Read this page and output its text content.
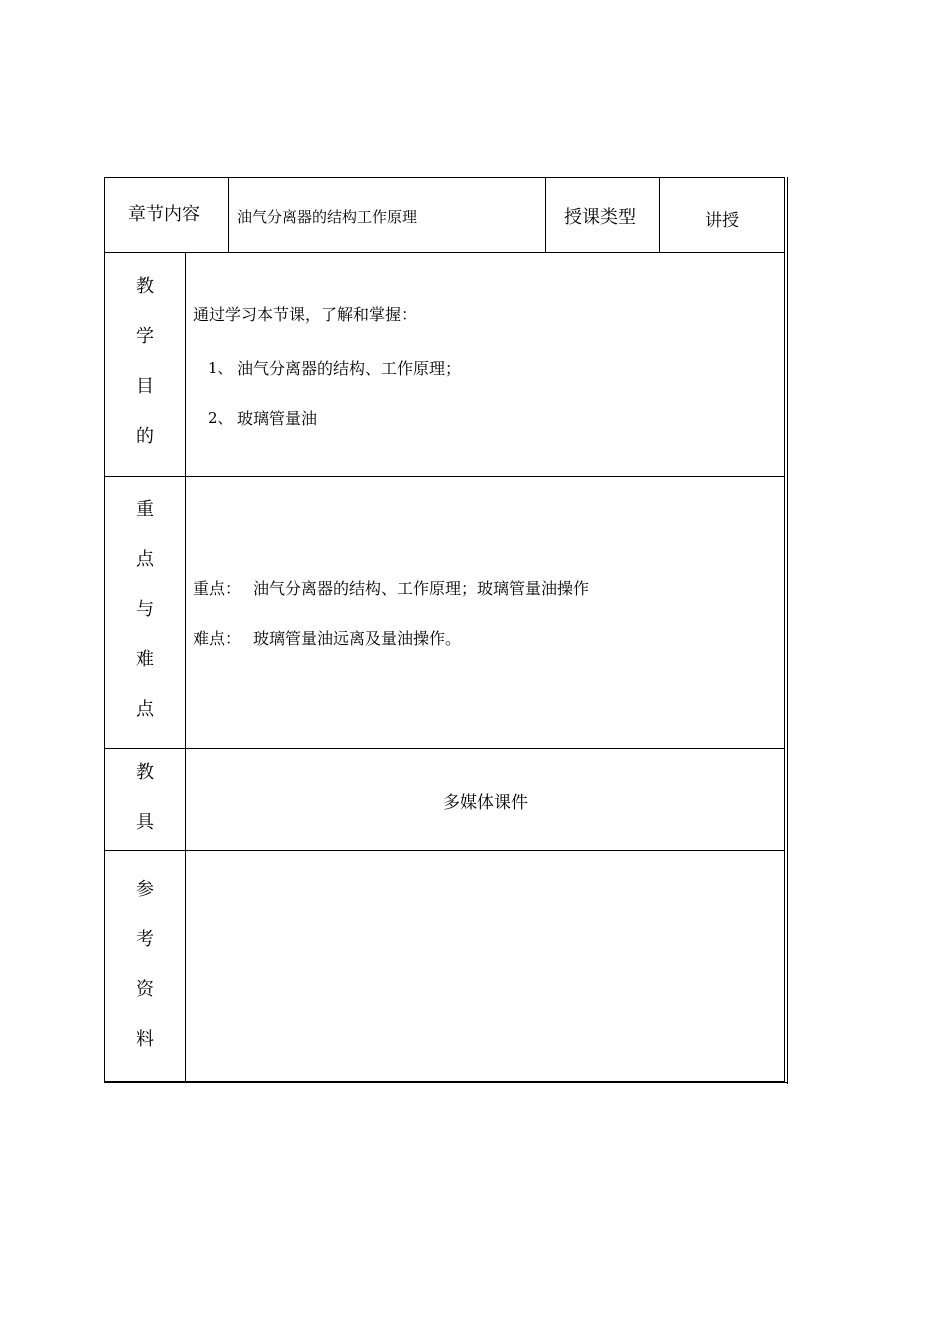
章节内容 油气分离器的结构工作原理	授课类型	讲授
教
学
目
的
通过学习本节课，了解和掌握：
1、 油气分离器的结构、工作原理；
2、 玻璃管量油
重
点
与
难
点
重点： 油气分离器的结构、工作原理；玻璃管量油操作
难点： 玻璃管量油远离及量油操作。
教
具
多媒体课件
参
考
资
料
